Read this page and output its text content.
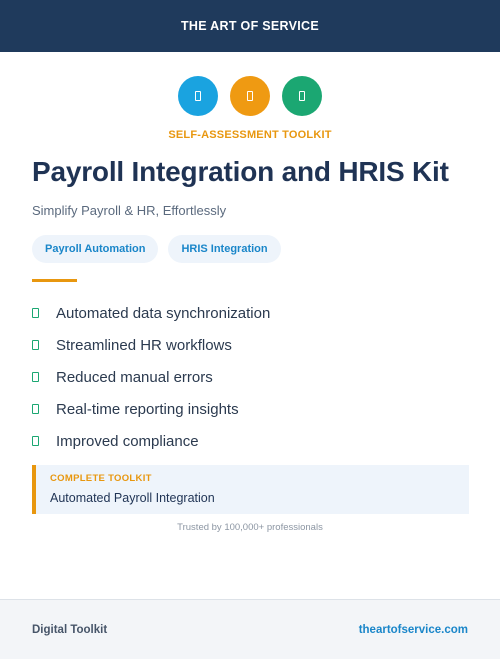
THE ART OF SERVICE
SELF-ASSESSMENT TOOLKIT
Payroll Integration and HRIS Kit
Simplify Payroll & HR, Effortlessly
Payroll Automation	HRIS Integration
Automated data synchronization
Streamlined HR workflows
Reduced manual errors
Real-time reporting insights
Improved compliance
COMPLETE TOOLKIT
Automated Payroll Integration
Trusted by 100,000+ professionals
Digital Toolkit	theartofservice.com
